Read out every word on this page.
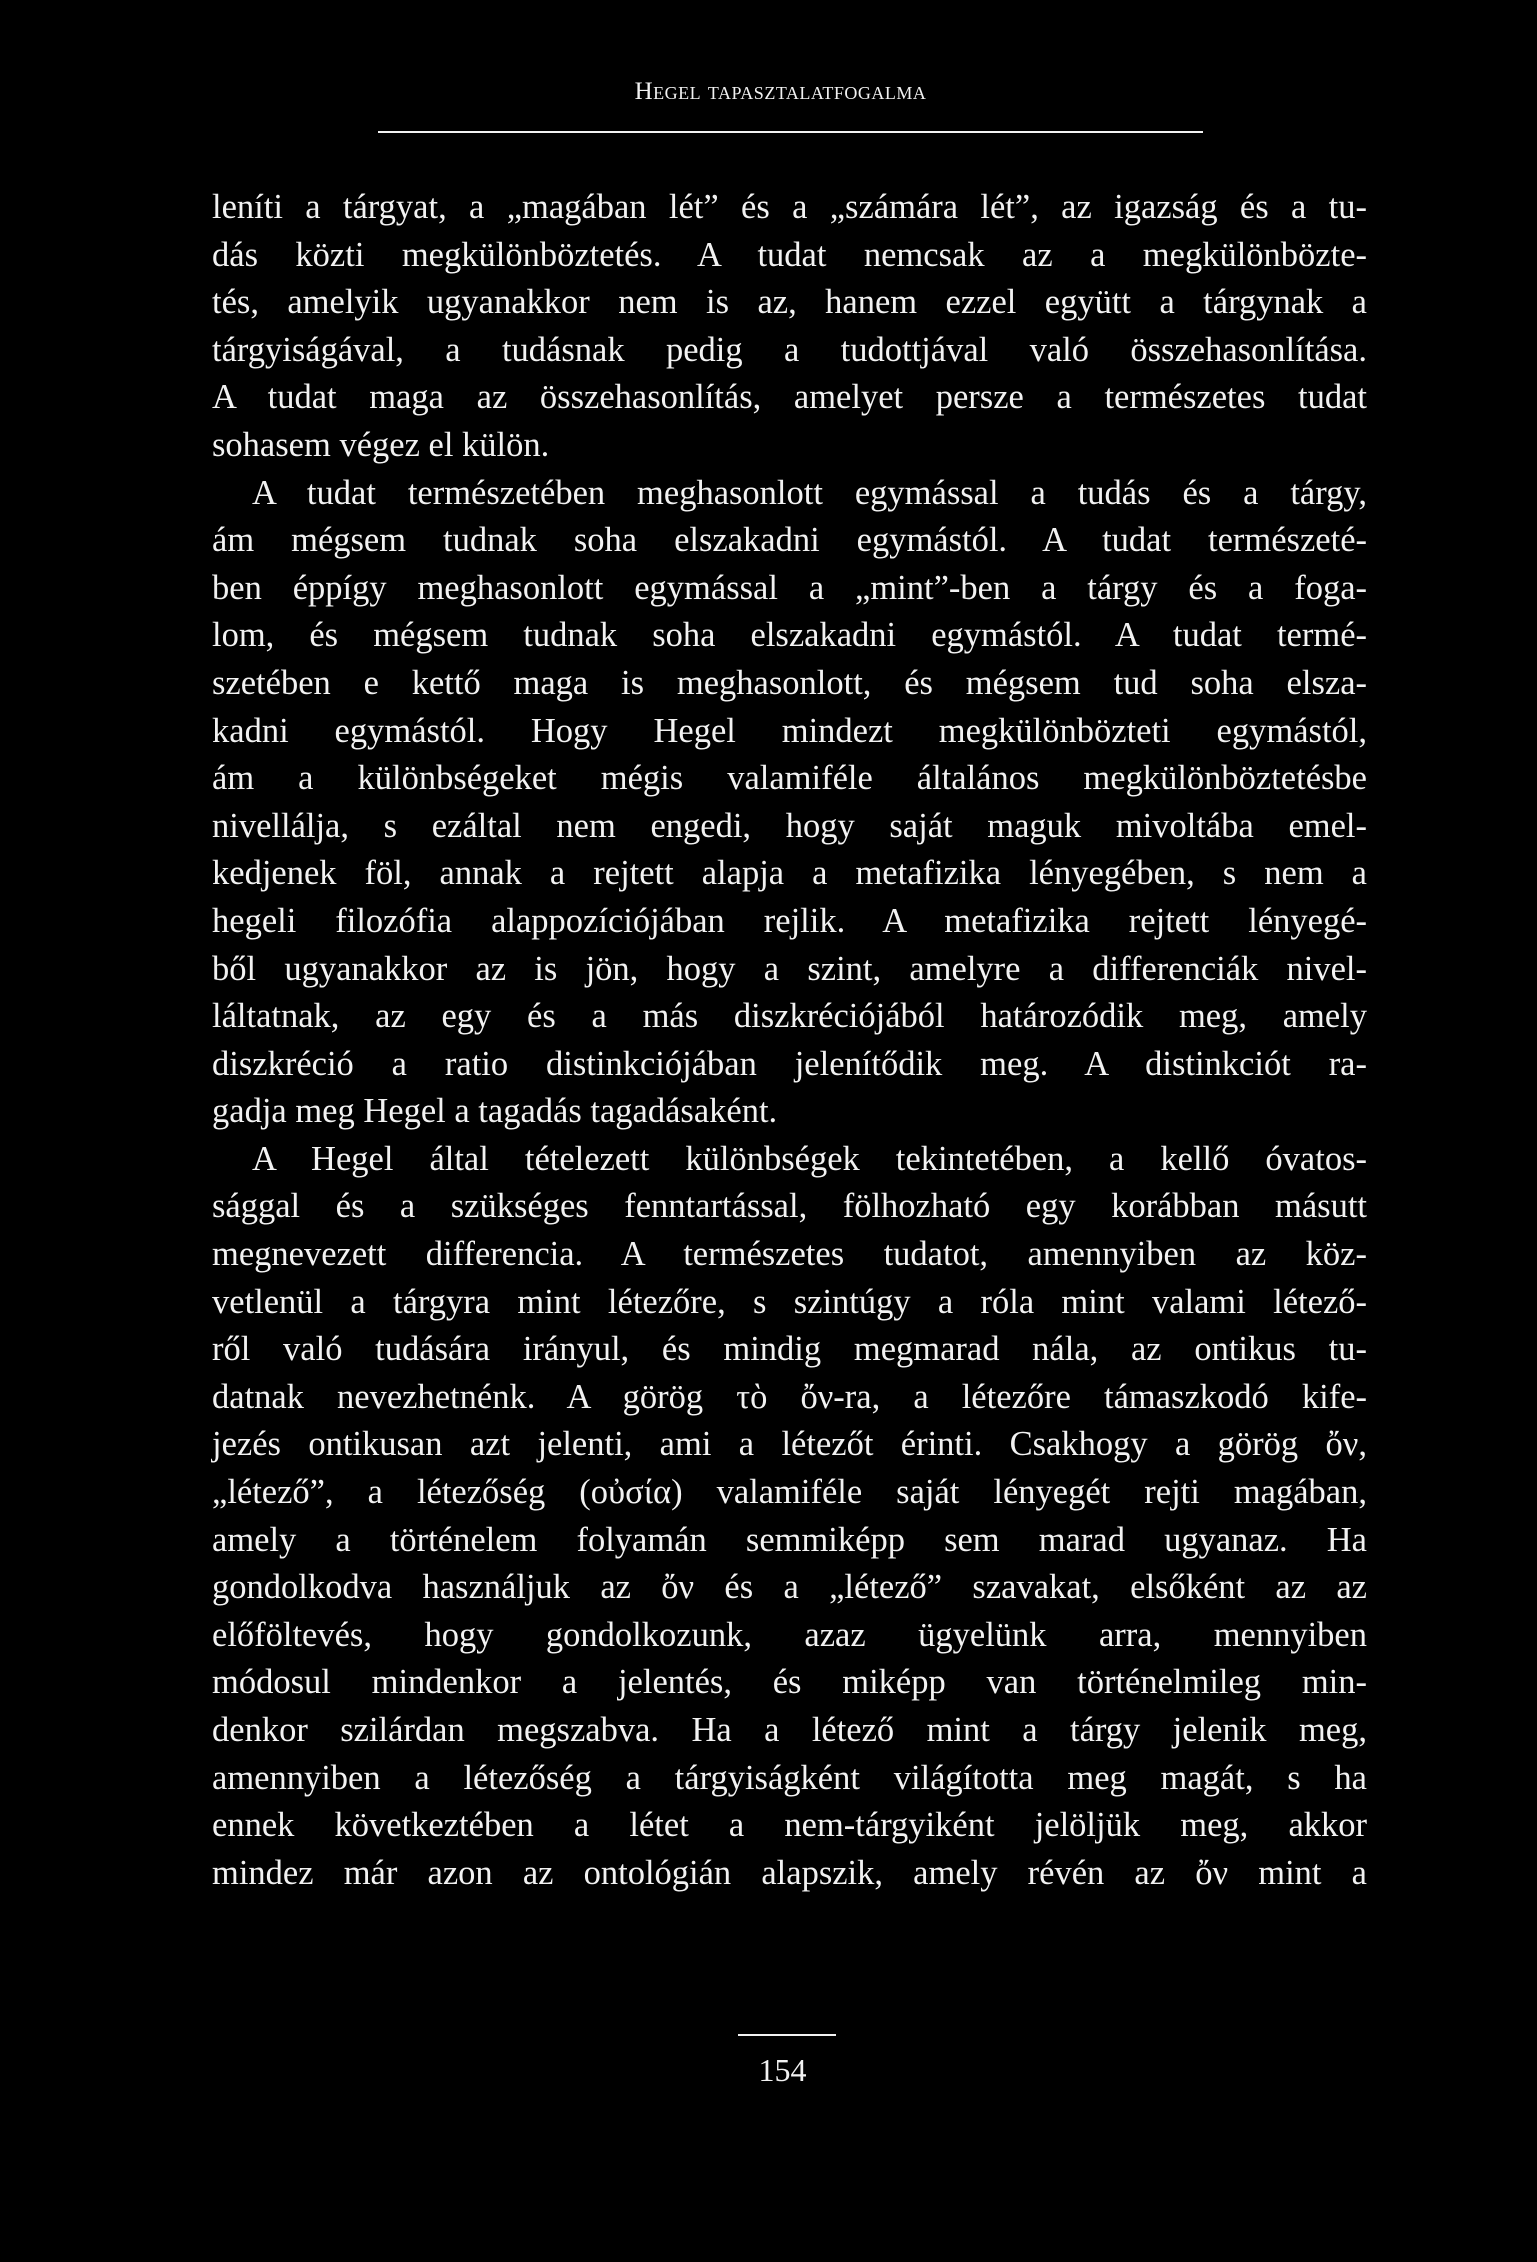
Hegel tapasztalatfogalma
leníti a tárgyat, a „magában lét” és a „számára lét”, az igazság és a tu-
dás közti megkülönböztetés. A tudat nemcsak az a megkülönbözte-
tés, amelyik ugyanakkor nem is az, hanem ezzel együtt a tárgynak a
tárgyiságával, a tudásnak pedig a tudottjával való összehasonlítása.
A tudat maga az összehasonlítás, amelyet persze a természetes tudat
sohasem végez el külön.
A tudat természetében meghasonlott egymással a tudás és a tárgy,
ám mégsem tudnak soha elszakadni egymástól. A tudat természeté-
ben éppígy meghasonlott egymással a „mint”-ben a tárgy és a foga-
lom, és mégsem tudnak soha elszakadni egymástól. A tudat termé-
szetében e kettő maga is meghasonlott, és mégsem tud soha elsza-
kadni egymástól. Hogy Hegel mindezt megkülönbözteti egymástól,
ám a különbségeket mégis valamiféle általános megkülönböztetésbe
nivellálja, s ezáltal nem engedi, hogy saját maguk mivoltába emel-
kedjenek föl, annak a rejtett alapja a metafizika lényegében, s nem a
hegeli filozófia alappozíciójában rejlik. A metafizika rejtett lényegé-
ből ugyanakkor az is jön, hogy a szint, amelyre a differenciák nivel-
láltatnak, az egy és a más diszkréciójából határozódik meg, amely
diszkréció a ratio distinkciójában jelenítődik meg. A distinkciót ra-
gadja meg Hegel a tagadás tagadásaként.
A Hegel által tételezett különbségek tekintetében, a kellő óvatos-
sággal és a szükséges fenntartással, fölhozható egy korábban másutt
megnevezett differencia. A természetes tudatot, amennyiben az köz-
vetlenül a tárgyra mint létezőre, s szintúgy a róla mint valami létező-
ről való tudására irányul, és mindig megmarad nála, az ontikus tu-
datnak nevezhetnénk. A görög τὸ ὄν-ra, a létezőre támaszkodó kife-
jezés ontikusan azt jelenti, ami a létezőt érinti. Csakhogy a görög ὄν,
„létező”, a létezőség (οὐσία) valamiféle saját lényegét rejti magában,
amely a történelem folyamán semmiképp sem marad ugyanaz. Ha
gondolkodva használjuk az ὄν és a „létező” szavakat, elsőként az az
előföltevés, hogy gondolkozunk, azaz ügyelünk arra, mennyiben
módosul mindenkor a jelentés, és miképp van történelmileg min-
denkor szilárdan megszabva. Ha a létező mint a tárgy jelenik meg,
amennyiben a létezőség a tárgyiságként világította meg magát, s ha
ennek következtében a létet a nem-tárgyiként jelöljük meg, akkor
mindez már azon az ontológián alapszik, amely révén az ὄν mint a
154
